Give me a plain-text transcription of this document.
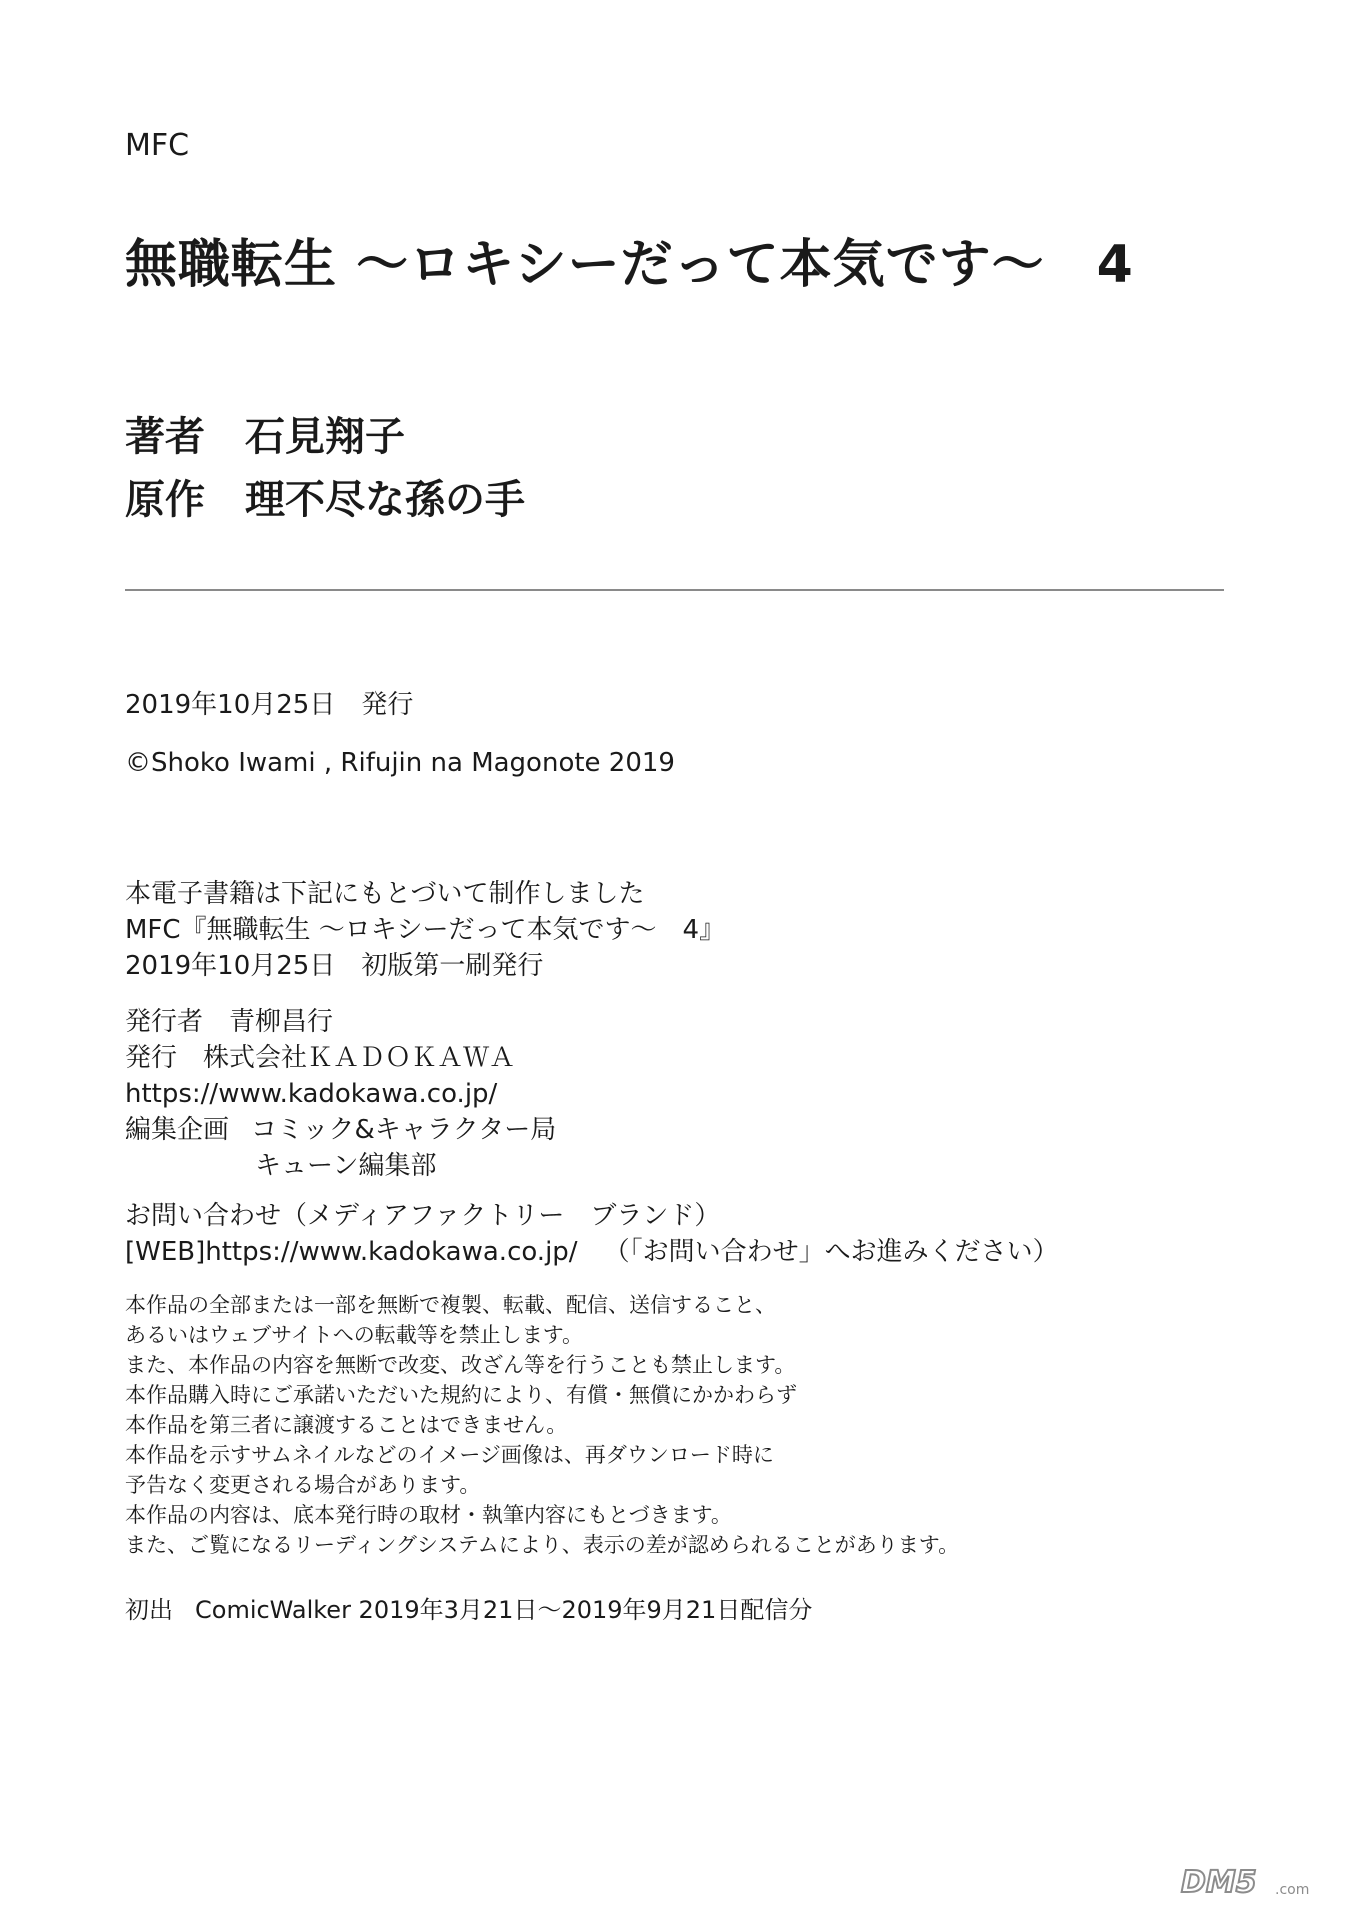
MFC
無職転生 ～ロキシーだって本気です～ 4
著者 石見翔子
原作 理不尽な孫の手
2019年10月25日 発行
©Shoko Iwami , Rifujin na Magonote 2019
本電子書籍は下記にもとづいて制作しました
MFC『無職転生 ～ロキシーだって本気です～　4』
2019年10月25日　初版第一刷発行
発行者 青柳昌行
発行 株式会社ＫＡＤＯＫＡＷＡ
https://www.kadokawa.co.jp/
編集企画 コミック&キャラクター局
キューン編集部
お問い合わせ（メディアファクトリー　ブランド）
[WEB]https://www.kadokawa.co.jp/ （「お問い合わせ」へお進みください）
本作品の全部または一部を無断で複製、転載、配信、送信すること、
あるいはウェブサイトへの転載等を禁止します。
また、本作品の内容を無断で改変、改ざん等を行うことも禁止します。
本作品購入時にご承諾いただいた規約により、有償・無償にかかわらず
本作品を第三者に譲渡することはできません。
本作品を示すサムネイルなどのイメージ画像は、再ダウンロード時に
予告なく変更される場合があります。
本作品の内容は、底本発行時の取材・執筆内容にもとづきます。
また、ご覧になるリーディングシステムにより、表示の差が認められることがあります。
初出 ComicWalker 2019年3月21日～2019年9月21日配信分
DM5 .com
